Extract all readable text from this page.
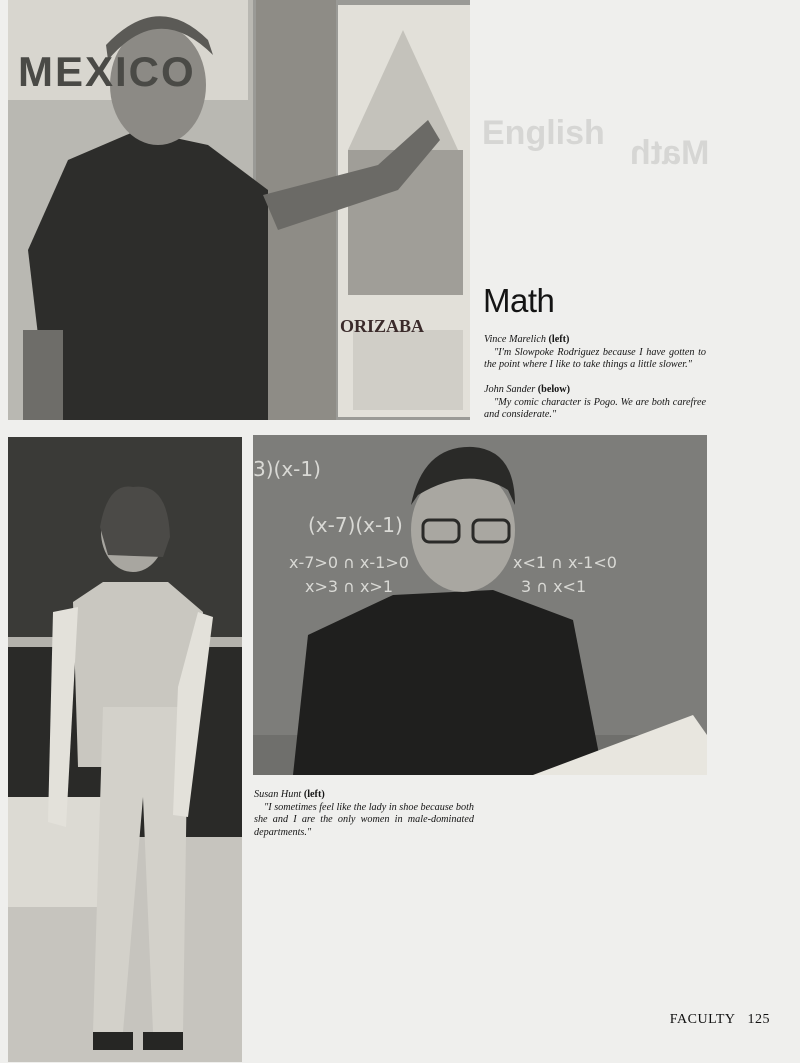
English
Math
MEXICO
ORIZABA
Math
Vince Marelich (left)
"I'm Slowpoke Rodriguez because I have gotten to the point where I like to take things a little slower."
John Sander (below)
"My comic character is Pogo. We are both carefree and considerate."
3)(x-1)
(x-7)(x-1)
x-7>0 ∩ x-1>0
x>3 ∩ x>1
x<1 ∩ x-1<0
3 ∩ x<1
Susan Hunt (left)
"I sometimes feel like the lady in shoe because both she and I are the only women in male-dominated departments."
FACULTY 125
